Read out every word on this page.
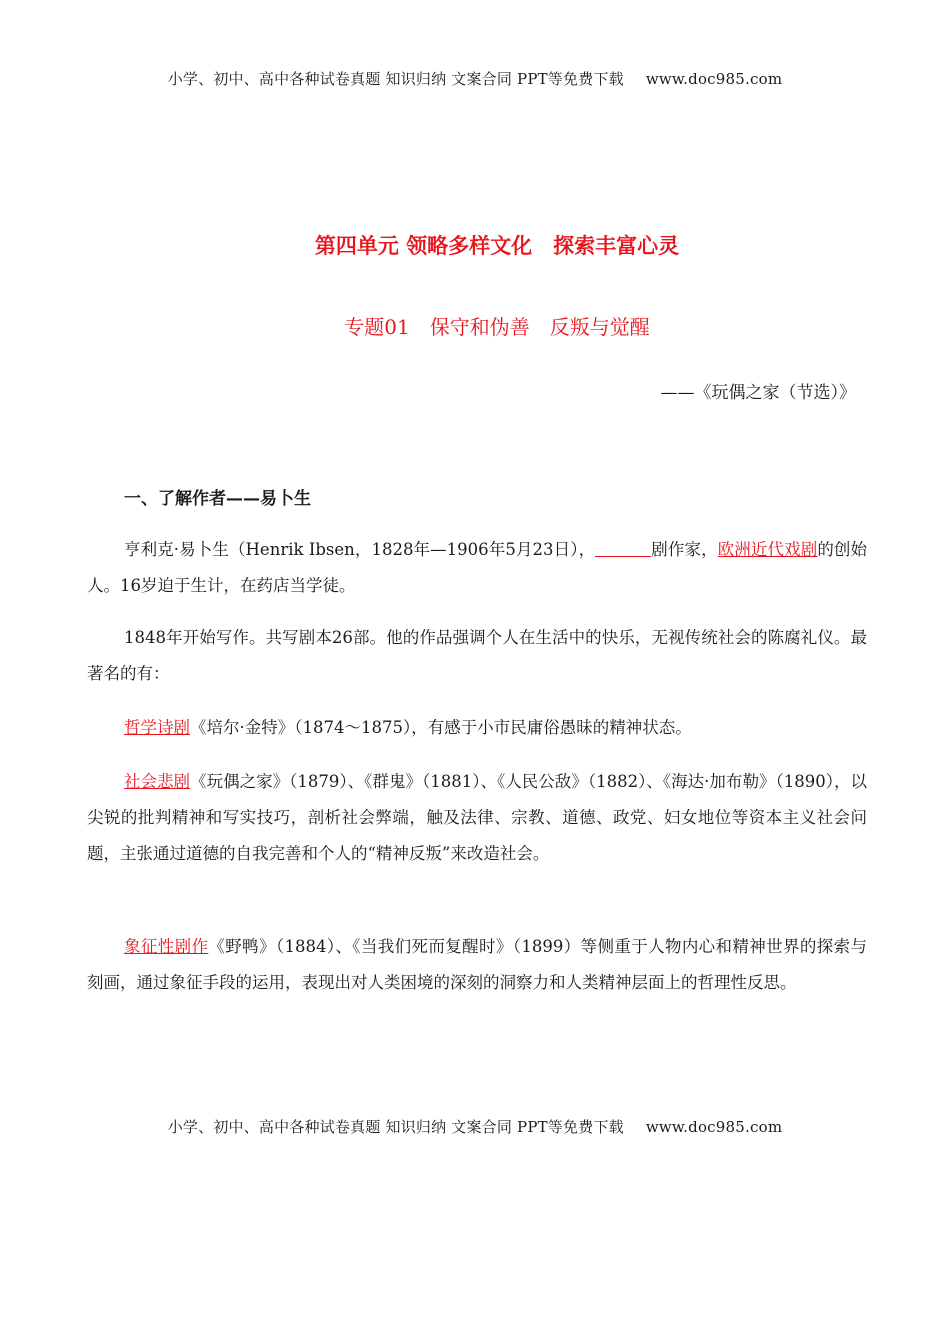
小学、初中、高中各种试卷真题 知识归纳 文案合同 PPT等免费下载 www.doc985.com
第四单元 领略多样文化　探索丰富心灵
专题01　保守和伪善　反叛与觉醒
——《玩偶之家（节选）》
一、了解作者——易卜生
亨利克·易卜生（Henrik Ibsen，1828年—1906年5月23日），	剧作家，欧洲近代戏剧的创始人。16岁迫于生计，在药店当学徒。
1848年开始写作。共写剧本26部。他的作品强调个人在生活中的快乐，无视传统社会的陈腐礼仪。最著名的有：
哲学诗剧《培尔·金特》（1874～1875），有感于小市民庸俗愚昧的精神状态。
社会悲剧《玩偶之家》（1879）、《群鬼》（1881）、《人民公敌》（1882）、《海达·加布勒》（1890），以尖锐的批判精神和写实技巧，剖析社会弊端，触及法律、宗教、道德、政党、妇女地位等资本主义社会问题，主张通过道德的自我完善和个人的“精神反叛”来改造社会。
象征性剧作《野鸭》（1884）、《当我们死而复醒时》（1899）等侧重于人物内心和精神世界的探索与刻画，通过象征手段的运用，表现出对人类困境的深刻的洞察力和人类精神层面上的哲理性反思。
小学、初中、高中各种试卷真题 知识归纳 文案合同 PPT等免费下载 www.doc985.com
